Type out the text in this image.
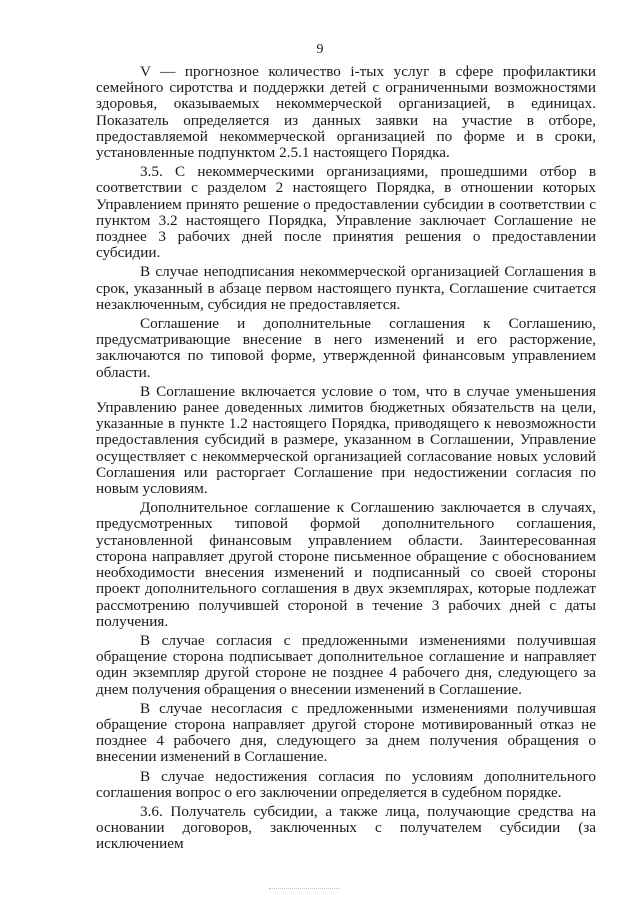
9

V — прогнозное количество i-тых услуг в сфере профилактики семейного сиротства и поддержки детей с ограниченными возможностями здоровья, оказываемых некоммерческой организацией, в единицах. Показатель определяется из данных заявки на участие в отборе, предоставляемой некоммерческой организацией по форме и в сроки, установленные подпунктом 2.5.1 настоящего Порядка.

3.5. С некоммерческими организациями, прошедшими отбор в соответствии с разделом 2 настоящего Порядка, в отношении которых Управлением принято решение о предоставлении субсидии в соответствии с пунктом 3.2 настоящего Порядка, Управление заключает Соглашение не позднее 3 рабочих дней после принятия решения о предоставлении субсидии.

В случае неподписания некоммерческой организацией Соглашения в срок, указанный в абзаце первом настоящего пункта, Соглашение считается незаключенным, субсидия не предоставляется.

Соглашение и дополнительные соглашения к Соглашению, предусматривающие внесение в него изменений и его расторжение, заключаются по типовой форме, утвержденной финансовым управлением области.

В Соглашение включается условие о том, что в случае уменьшения Управлению ранее доведенных лимитов бюджетных обязательств на цели, указанные в пункте 1.2 настоящего Порядка, приводящего к невозможности предоставления субсидий в размере, указанном в Соглашении, Управление осуществляет с некоммерческой организацией согласование новых условий Соглашения или расторгает Соглашение при недостижении согласия по новым условиям.

Дополнительное соглашение к Соглашению заключается в случаях, предусмотренных типовой формой дополнительного соглашения, установленной финансовым управлением области. Заинтересованная сторона направляет другой стороне письменное обращение с обоснованием необходимости внесения изменений и подписанный со своей стороны проект дополнительного соглашения в двух экземплярах, которые подлежат рассмотрению получившей стороной в течение 3 рабочих дней с даты получения.

В случае согласия с предложенными изменениями получившая обращение сторона подписывает дополнительное соглашение и направляет один экземпляр другой стороне не позднее 4 рабочего дня, следующего за днем получения обращения о внесении изменений в Соглашение.

В случае несогласия с предложенными изменениями получившая обращение сторона направляет другой стороне мотивированный отказ не позднее 4 рабочего дня, следующего за днем получения обращения о внесении изменений в Соглашение.

В случае недостижения согласия по условиям дополнительного соглашения вопрос о его заключении определяется в судебном порядке.

3.6. Получатель субсидии, а также лица, получающие средства на основании договоров, заключенных с получателем субсидии (за исключением
